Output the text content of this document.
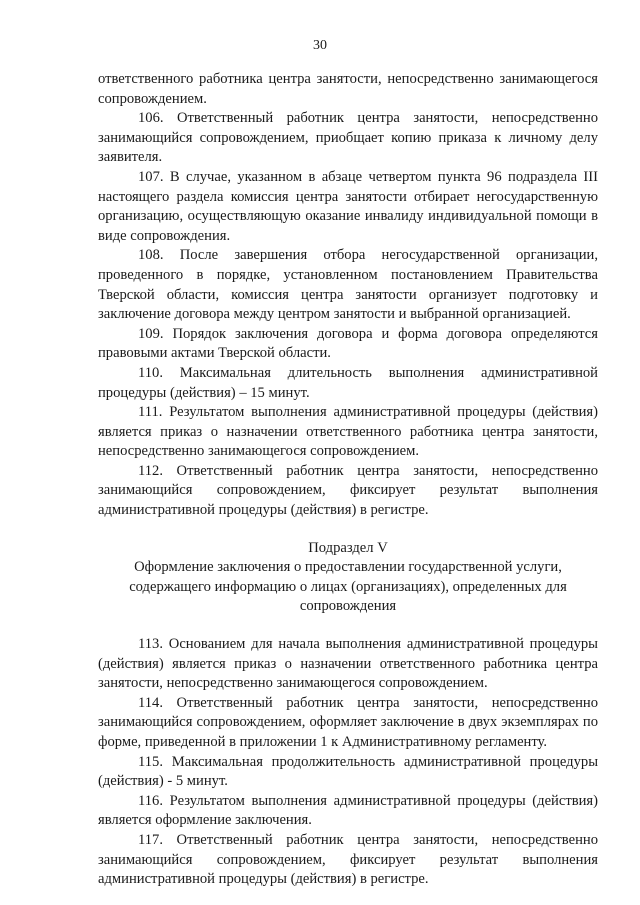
30

ответственного работника центра занятости, непосредственно занимающегося сопровождением.

106. Ответственный работник центра занятости, непосредственно занимающийся сопровождением, приобщает копию приказа к личному делу заявителя.

107. В случае, указанном в абзаце четвертом пункта 96 подраздела III настоящего раздела комиссия центра занятости отбирает негосударственную организацию, осуществляющую оказание инвалиду индивидуальной помощи в виде сопровождения.

108. После завершения отбора негосударственной организации, проведенного в порядке, установленном постановлением Правительства Тверской области, комиссия центра занятости организует подготовку и заключение договора между центром занятости и выбранной организацией.

109. Порядок заключения договора и форма договора определяются правовыми актами Тверской области.

110. Максимальная длительность выполнения административной процедуры (действия) – 15 минут.

111. Результатом выполнения административной процедуры (действия) является приказ о назначении ответственного работника центра занятости, непосредственно занимающегося сопровождением.

112. Ответственный работник центра занятости, непосредственно занимающийся сопровождением, фиксирует результат выполнения административной процедуры (действия) в регистре.

Подраздел V

Оформление заключения о предоставлении государственной услуги, содержащего информацию о лицах (организациях), определенных для сопровождения

113. Основанием для начала выполнения административной процедуры (действия) является приказ о назначении ответственного работника центра занятости, непосредственно занимающегося сопровождением.

114. Ответственный работник центра занятости, непосредственно занимающийся сопровождением, оформляет заключение в двух экземплярах по форме, приведенной в приложении 1 к Административному регламенту.

115. Максимальная продолжительность административной процедуры (действия) - 5 минут.

116. Результатом выполнения административной процедуры (действия) является оформление заключения.

117. Ответственный работник центра занятости, непосредственно занимающийся сопровождением, фиксирует результат выполнения административной процедуры (действия) в регистре.
